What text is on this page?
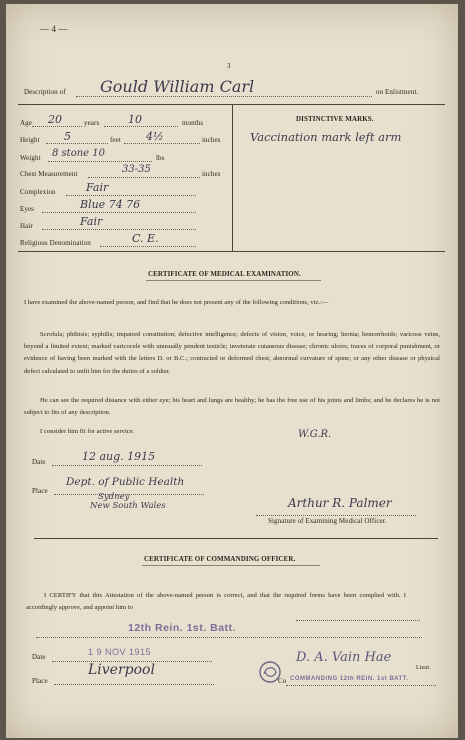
— 4 —
3
Description of Gould William Carl	on Enlistment.
Age 20	years	10	months
Height 5	feet 4½	inches
Weight 8 stone 10	lbs
Chest Measurement	33-35	inches
Complexion	Fair
Eyes	Blue 74 76
Hair	Fair
Religious Denomination	C. E.
DISTINCTIVE MARKS.
Vaccination mark left arm
CERTIFICATE OF MEDICAL EXAMINATION.
I have examined the above-named person, and find that he does not present any of the following conditions, viz.:—
Scrofula; phthisis; syphilis; impaired constitution; defective intelligence; defects of vision, voice, or hearing; hernia; hemorrhoids; varicose veins, beyond a limited extent; marked varicocele with unusually pendent testicle; inveterate cutaneous disease; chronic ulcers; traces of corporal punishment, or evidence of having been marked with the letters D. or B.C.; contracted or deformed chest; abnormal curvature of spine; or any other disease or physical defect calculated to unfit him for the duties of a soldier.
He can see the required distance with either eye; his heart and lungs are healthy; he has the free use of his joints and limbs; and he declares he is not subject to fits of any description.
I consider him fit for active service.	W.G.R.
Date	12 aug. 1915
Place
Dept. of Public Health
Sydney
New South Wales	Arthur R. Palmer
Signature of Examining Medical Officer.
CERTIFICATE OF COMMANDING OFFICER.
I CERTIFY that this Attestation of the above-named person is correct, and that the required forms have been complied with. I accordingly approve, and appoint him to
12th Rein. 1st. Batt.
Date	1 9 NOV 1915
Place
Liverpool
D. A. Vain Hae
Lieut.
Co COMMANDING 12th REIN. 1st BATT.
